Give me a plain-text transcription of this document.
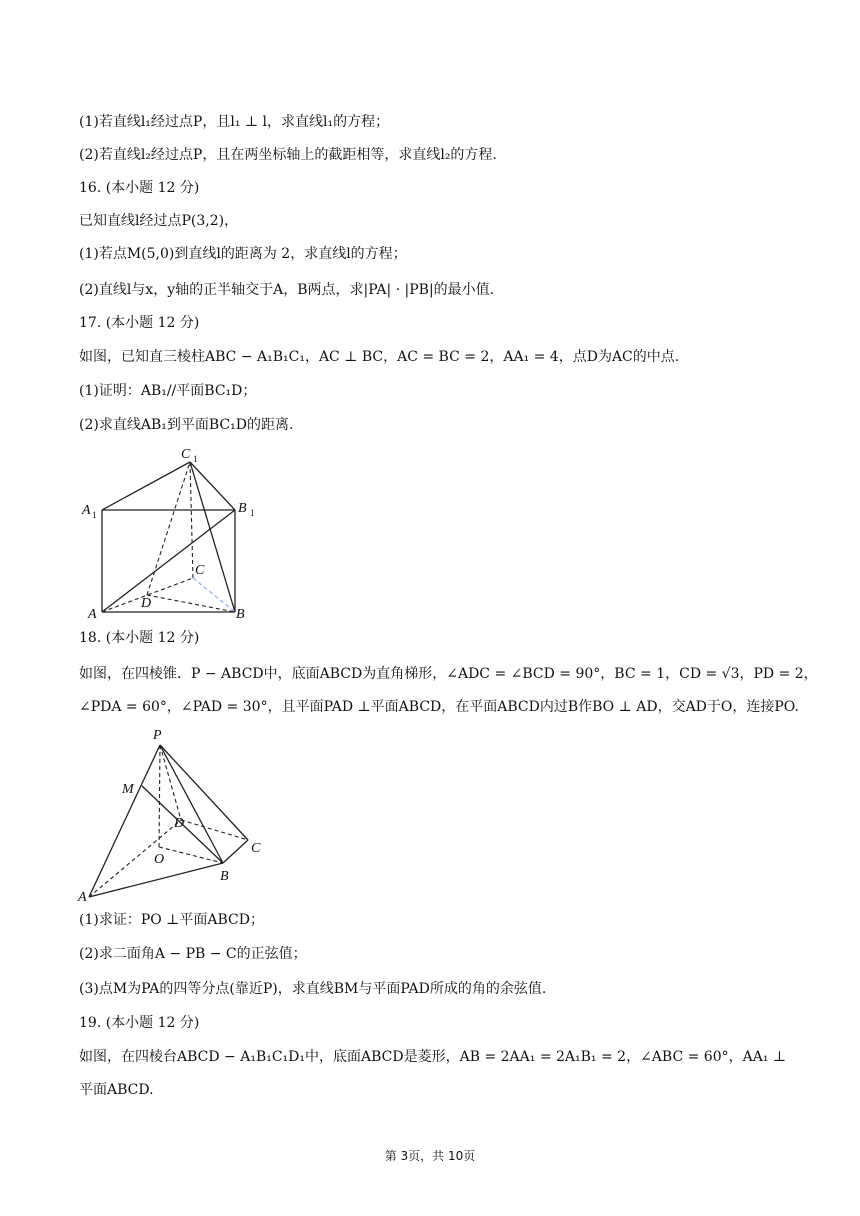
(1)若直线l₁经过点P，且l₁ ⊥ l，求直线l₁的方程；
(2)若直线l₂经过点P，且在两坐标轴上的截距相等，求直线l₂的方程.
16. (本小题 12 分)
已知直线l经过点P(3,2)，
(1)若点M(5,0)到直线l的距离为 2，求直线l的方程；
(2)直线l与x，y轴的正半轴交于A，B两点，求|PA| · |PB|的最小值.
17. (本小题 12 分)
如图，已知直三棱柱ABC − A₁B₁C₁，AC ⊥ BC，AC = BC = 2，AA₁ = 4，点D为AC的中点.
(1)证明：AB₁//平面BC₁D；
(2)求直线AB₁到平面BC₁D的距离.
18. (本小题 12 分)
如图，在四棱锥．P − ABCD中，底面ABCD为直角梯形，∠ADC = ∠BCD = 90°，BC = 1，CD = √3，PD = 2，
∠PDA = 60°，∠PAD = 30°，且平面PAD ⊥平面ABCD，在平面ABCD内过B作BO ⊥ AD，交AD于O，连接PO.
(1)求证：PO ⊥平面ABCD；
(2)求二面角A − PB − C的正弦值；
(3)点M为PA的四等分点(靠近P)，求直线BM与平面PAD所成的角的余弦值.
19. (本小题 12 分)
如图，在四棱台ABCD − A₁B₁C₁D₁中，底面ABCD是菱形，AB = 2AA₁ = 2A₁B₁ = 2，∠ABC = 60°，AA₁ ⊥
平面ABCD.
C 1
A 1	B 1
C
D
A	B
P
M
D
O
C
B
A
第 3页，共 10页
